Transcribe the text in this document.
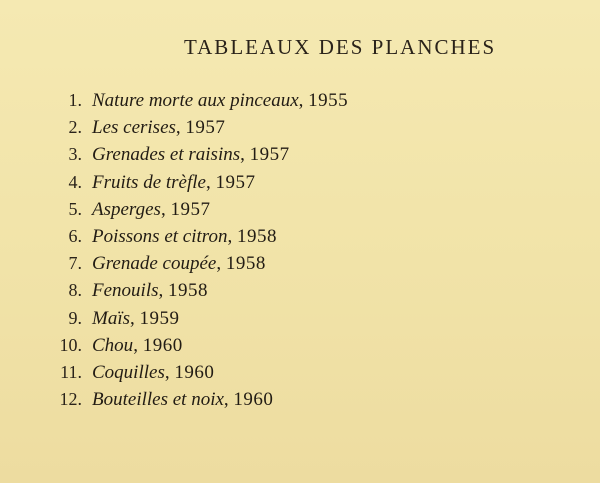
TABLEAUX DES PLANCHES
1. Nature morte aux pinceaux, 1955
2. Les cerises, 1957
3. Grenades et raisins, 1957
4. Fruits de trèfle, 1957
5. Asperges, 1957
6. Poissons et citron, 1958
7. Grenade coupée, 1958
8. Fenouils, 1958
9. Maïs, 1959
10. Chou, 1960
11. Coquilles, 1960
12. Bouteilles et noix, 1960
